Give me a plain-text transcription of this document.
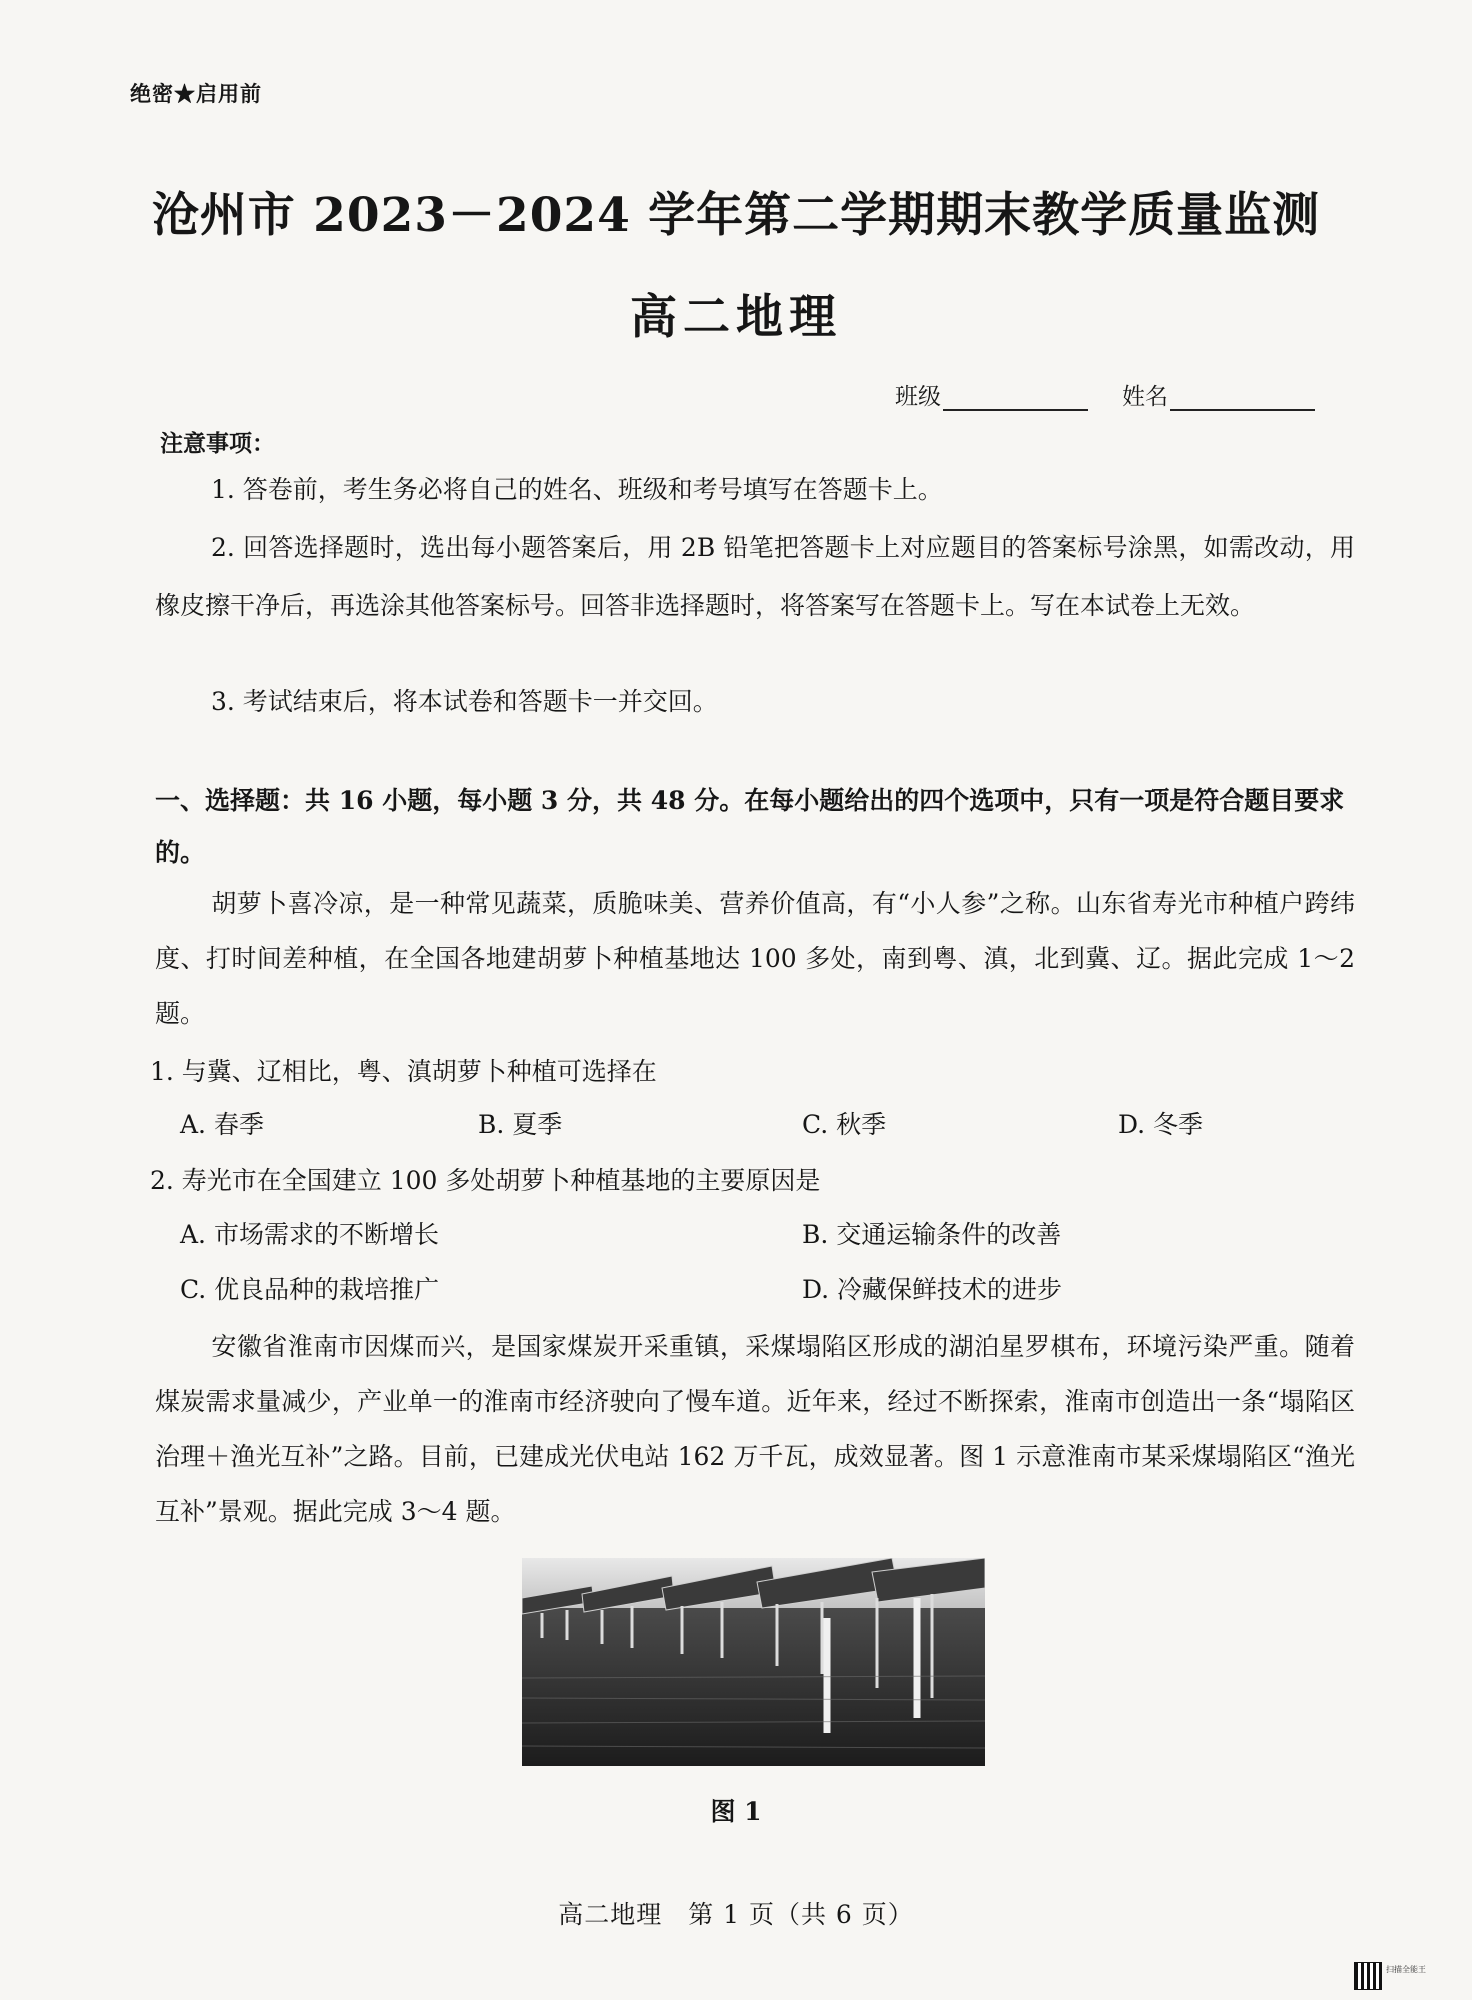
绝密★启用前
沧州市 2023－2024 学年第二学期期末教学质量监测
高二地理
班级	姓名
注意事项：
1. 答卷前，考生务必将自己的姓名、班级和考号填写在答题卡上。
2. 回答选择题时，选出每小题答案后，用 2B 铅笔把答题卡上对应题目的答案标号涂黑，如需改动，用橡皮擦干净后，再选涂其他答案标号。回答非选择题时，将答案写在答题卡上。写在本试卷上无效。
3. 考试结束后，将本试卷和答题卡一并交回。
一、选择题：共 16 小题，每小题 3 分，共 48 分。在每小题给出的四个选项中，只有一项是符合题目要求的。
胡萝卜喜冷凉，是一种常见蔬菜，质脆味美、营养价值高，有“小人参”之称。山东省寿光市种植户跨纬度、打时间差种植，在全国各地建胡萝卜种植基地达 100 多处，南到粤、滇，北到冀、辽。据此完成 1～2 题。
1. 与冀、辽相比，粤、滇胡萝卜种植可选择在
A. 春季	B. 夏季	C. 秋季	D. 冬季
2. 寿光市在全国建立 100 多处胡萝卜种植基地的主要原因是
A. 市场需求的不断增长	B. 交通运输条件的改善
C. 优良品种的栽培推广	D. 冷藏保鲜技术的进步
安徽省淮南市因煤而兴，是国家煤炭开采重镇，采煤塌陷区形成的湖泊星罗棋布，环境污染严重。随着煤炭需求量减少，产业单一的淮南市经济驶向了慢车道。近年来，经过不断探索，淮南市创造出一条“塌陷区治理＋渔光互补”之路。目前，已建成光伏电站 162 万千瓦，成效显著。图 1 示意淮南市某采煤塌陷区“渔光互补”景观。据此完成 3～4 题。
图 1
高二地理　第 1 页（共 6 页）
扫描全能王
